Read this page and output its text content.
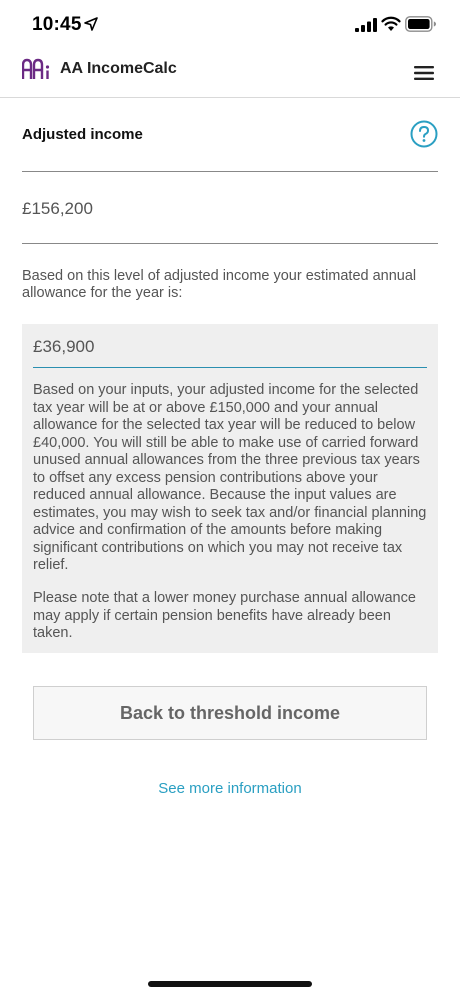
10:45
AA IncomeCalc
Adjusted income
£156,200

Based on this level of adjusted income your estimated annual allowance for the year is:

£36,900

Based on your inputs, your adjusted income for the selected tax year will be at or above £150,000 and your annual allowance for the selected tax year will be reduced to below £40,000. You will still be able to make use of carried forward unused annual allowances from the three previous tax years to offset any excess pension contributions above your reduced annual allowance. Because the input values are estimates, you may wish to seek tax and/or financial planning advice and confirmation of the amounts before making significant contributions on which you may not receive tax relief.

Please note that a lower money purchase annual allowance may apply if certain pension benefits have already been taken.

Back to threshold income
See more information
